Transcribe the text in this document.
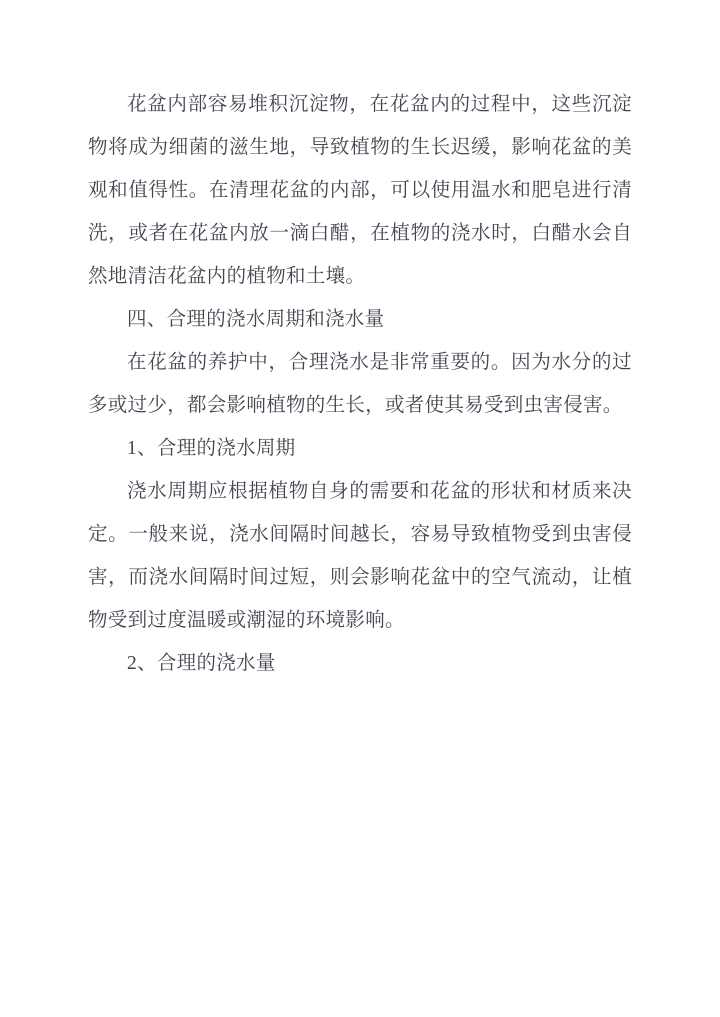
花盆内部容易堆积沉淀物，在花盆内的过程中，这些沉淀物将成为细菌的滋生地，导致植物的生长迟缓，影响花盆的美观和值得性。在清理花盆的内部，可以使用温水和肥皂进行清洗，或者在花盆内放一滴白醋，在植物的浇水时，白醋水会自然地清洁花盆内的植物和土壤。

四、合理的浇水周期和浇水量

在花盆的养护中，合理浇水是非常重要的。因为水分的过多或过少，都会影响植物的生长，或者使其易受到虫害侵害。

1、合理的浇水周期

浇水周期应根据植物自身的需要和花盆的形状和材质来决定。一般来说，浇水间隔时间越长，容易导致植物受到虫害侵害，而浇水间隔时间过短，则会影响花盆中的空气流动，让植物受到过度温暖或潮湿的环境影响。

2、合理的浇水量
